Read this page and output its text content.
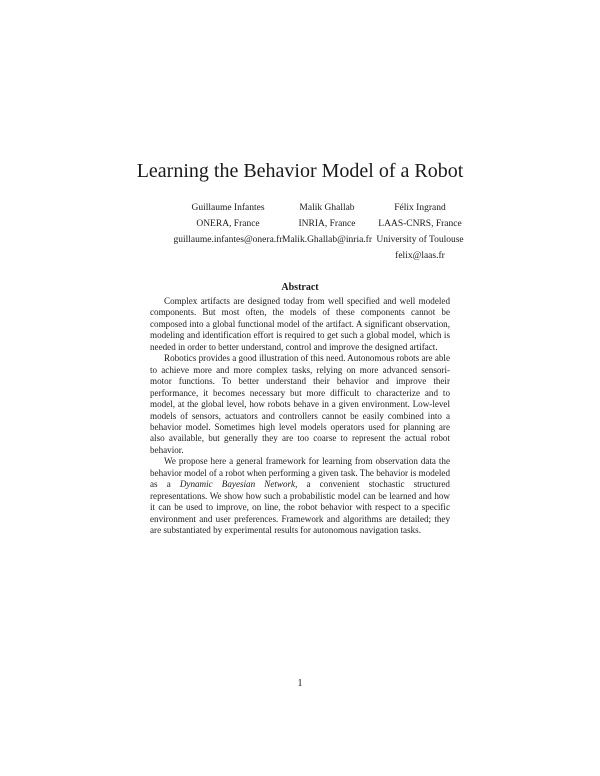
Learning the Behavior Model of a Robot
Guillaume Infantes
ONERA, France
guillaume.infantes@onera.fr
Malik Ghallab
INRIA, France
Malik.Ghallab@inria.fr
Félix Ingrand
LAAS-CNRS, France
University of Toulouse
felix@laas.fr
Abstract

Complex artifacts are designed today from well specified and well modeled components. But most often, the models of these components cannot be composed into a global functional model of the artifact. A significant observation, modeling and identification effort is required to get such a global model, which is needed in order to better understand, control and improve the designed artifact.

Robotics provides a good illustration of this need. Autonomous robots are able to achieve more and more complex tasks, relying on more advanced sensori-motor functions. To better understand their behavior and improve their performance, it becomes necessary but more difficult to characterize and to model, at the global level, how robots behave in a given environment. Low-level models of sensors, actuators and controllers cannot be easily combined into a behavior model. Sometimes high level models operators used for planning are also available, but generally they are too coarse to represent the actual robot behavior.

We propose here a general framework for learning from observation data the behavior model of a robot when performing a given task. The behavior is modeled as a Dynamic Bayesian Network, a convenient stochastic structured representations. We show how such a probabilistic model can be learned and how it can be used to improve, on line, the robot behavior with respect to a specific environment and user preferences. Framework and algorithms are detailed; they are substantiated by experimental results for autonomous navigation tasks.

1
